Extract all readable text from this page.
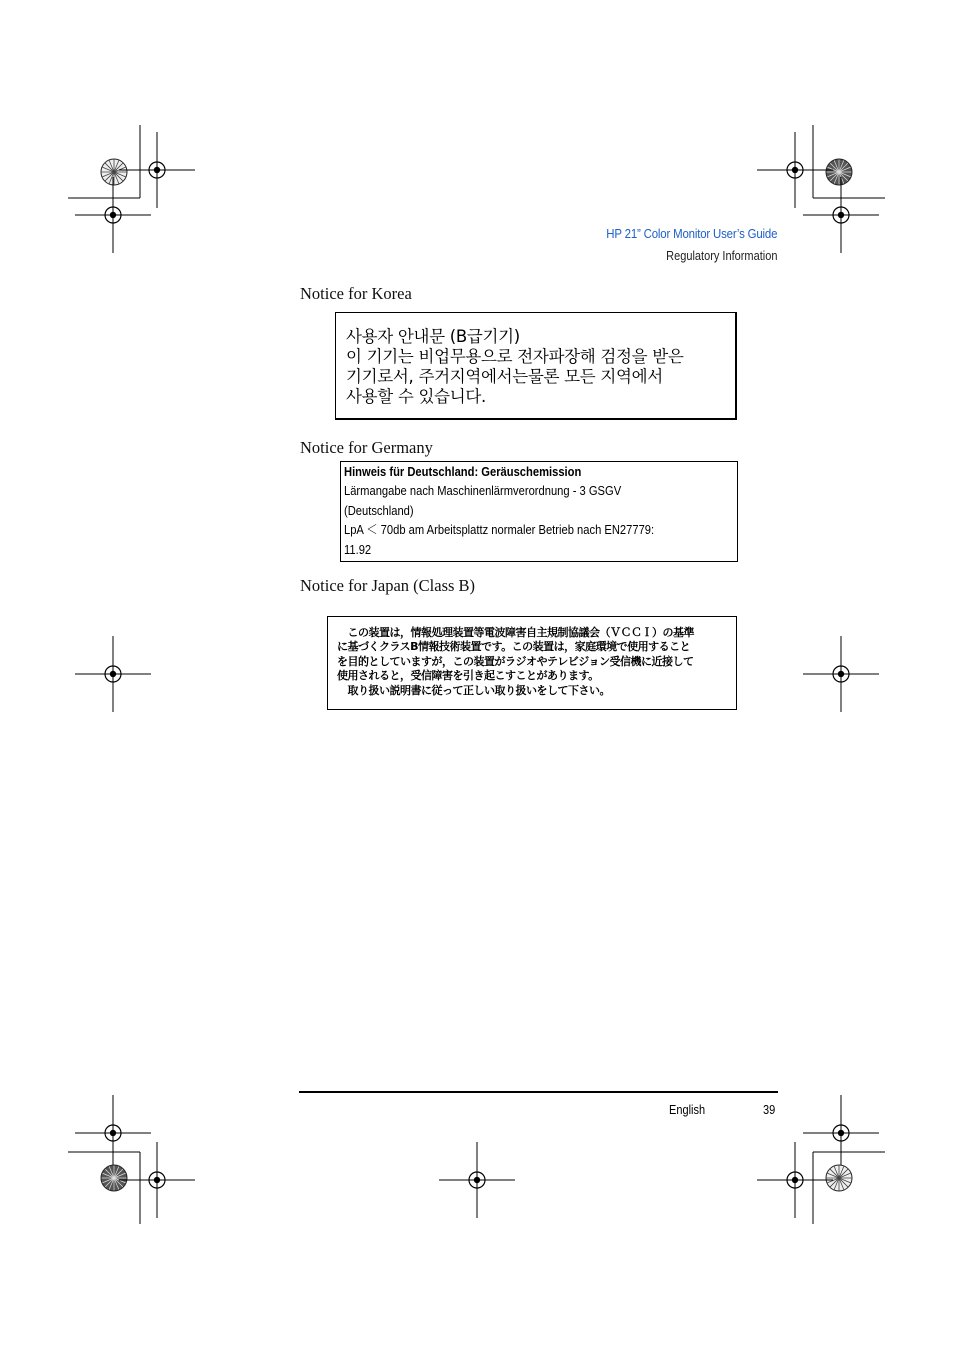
HP 21” Color Monitor User’s Guide
Regulatory Information
Notice for Korea
사용자 안내문 (B급기기)
이 기기는 비업무용으로 전자파장해 검정을 받은
기기로서, 주거지역에서는물론 모든 지역에서
사용할 수 있습니다.
Notice for Germany
Hinweis für Deutschland: Geräuschemission
Lärmangabe nach Maschinenlärmverordnung - 3 GSGV
(Deutschland)
LpA ＜ 70db am Arbeitsplattz normaler Betrieb nach EN27779:
11.92
Notice for Japan (Class B)
　この装置は，情報処理装置等電波障害自主規制協議会（ＶＣＣＩ）の基準
に基づくクラスB情報技術装置です。この装置は，家庭環境で使用すること
を目的としていますが，この装置がラジオやテレビジョン受信機に近接して
使用されると，受信障害を引き起こすことがあります。
　取り扱い説明書に従って正しい取り扱いをして下さい。
English	39
